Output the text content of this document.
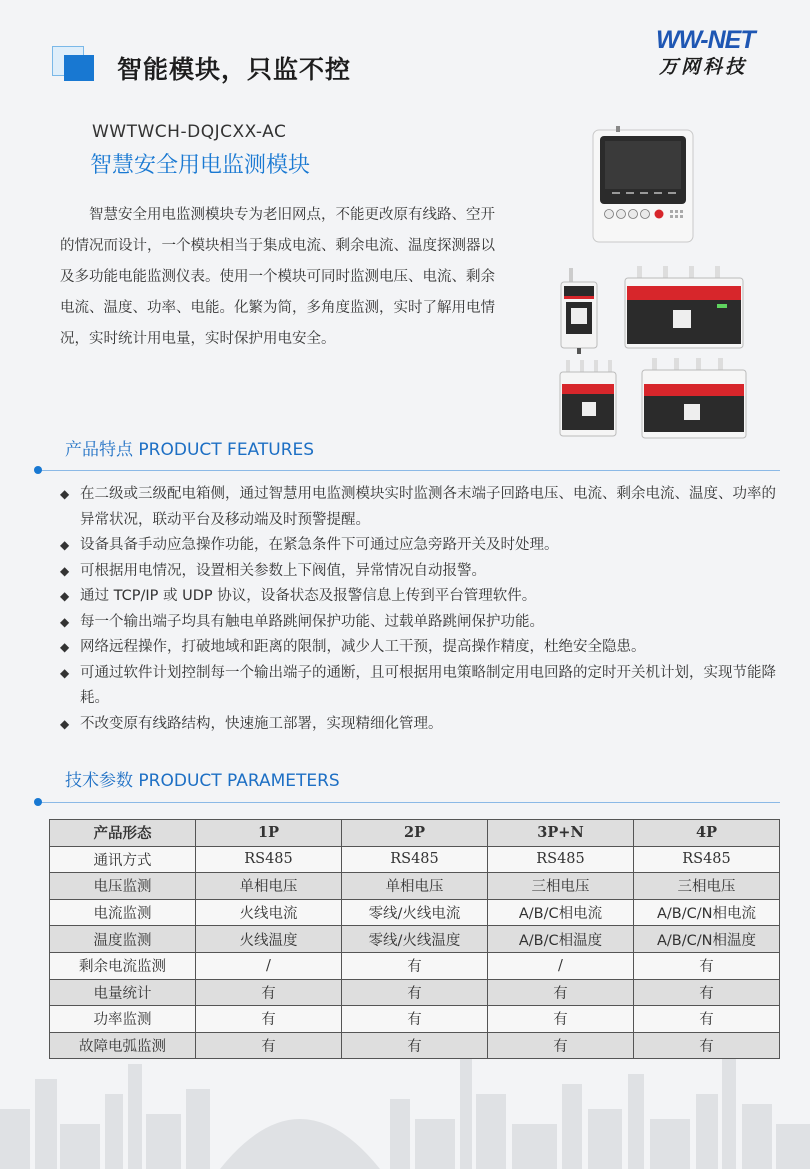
智能模块，只监不控
WW-NET
万网科技
WWTWCH-DQJCXX-AC
智慧安全用电监测模块

智慧安全用电监测模块专为老旧网点，不能更改原有线路、空开的情况而设计，一个模块相当于集成电流、剩余电流、温度探测器以及多功能电能监测仪表。使用一个模块可同时监测电压、电流、剩余电流、温度、功率、电能。化繁为简，多角度监测，实时了解用电情况，实时统计用电量，实时保护用电安全。

产品特点 PRODUCT FEATURES
◆ 在二级或三级配电箱侧，通过智慧用电监测模块实时监测各末端子回路电压、电流、剩余电流、温度、功率的异常状况，联动平台及移动端及时预警提醒。
◆ 设备具备手动应急操作功能，在紧急条件下可通过应急旁路开关及时处理。
◆ 可根据用电情况，设置相关参数上下阀值，异常情况自动报警。
◆ 通过 TCP/IP 或 UDP 协议，设备状态及报警信息上传到平台管理软件。
◆ 每一个输出端子均具有触电单路跳闸保护功能、过载单路跳闸保护功能。
◆ 网络远程操作，打破地域和距离的限制，减少人工干预，提高操作精度，杜绝安全隐患。
◆ 可通过软件计划控制每一个输出端子的通断，且可根据用电策略制定用电回路的定时开关机计划，实现节能降耗。
◆ 不改变原有线路结构，快速施工部署，实现精细化管理。
技术参数 PRODUCT PARAMETERS
产品形态	1P	2P	3P+N	4P
通讯方式	RS485	RS485	RS485	RS485
电压监测	单相电压	单相电压	三相电压	三相电压
电流监测	火线电流	零线/火线电流	A/B/C相电流	A/B/C/N相电流
温度监测	火线温度	零线/火线温度	A/B/C相温度	A/B/C/N相温度
剩余电流监测	/	有	/	有
电量统计	有	有	有	有
功率监测	有	有	有	有
故障电弧监测	有	有	有	有
